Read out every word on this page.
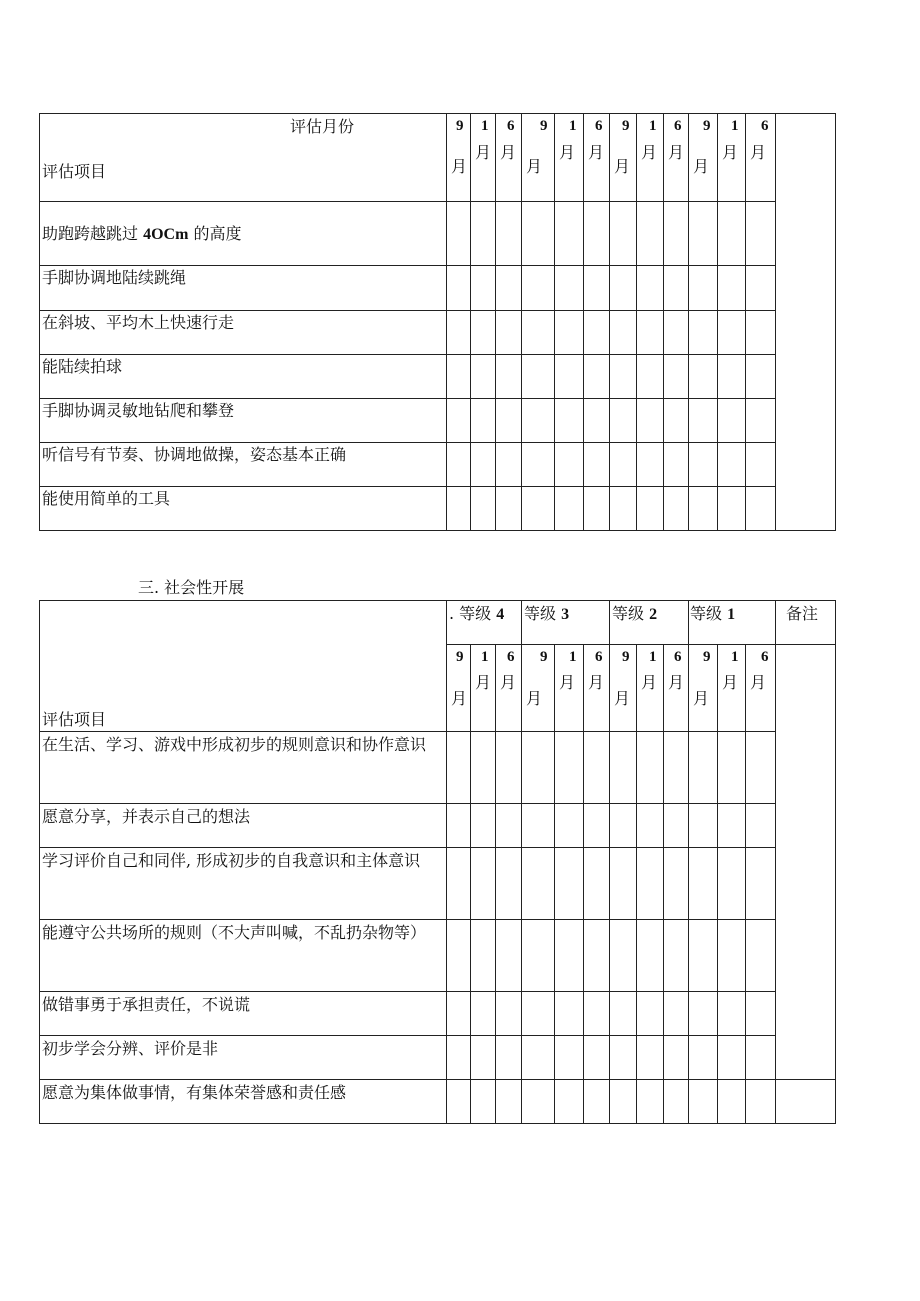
评估月份
评估项目
9
月
1
月
6
月
9
月
1
月
6
月
9
月
1
月
6
月
9
月
1
月
6
月
助跑跨越跳过 4OCm 的高度
手脚协调地陆续跳绳
在斜坡、平均木上快速行走
能陆续拍球
手脚协调灵敏地钻爬和攀登
听信号有节奏、协调地做操，姿态基本正确
能使用简单的工具
三. 社会性开展
. 等级 4 等级 3	等级 2 等级 1	备注
评估项目
9
月
1
月
6
月
9
月
1
月
6
月
9
月
1
月
6
月
9
月
1
月
6
月
在生活、学习、游戏中形成初步的规则意识和协作意识
愿意分享，并表示自己的想法
学习评价自己和同伴, 形成初步的自我意识和主体意识
能遵守公共场所的规则（不大声叫喊，不乱扔杂物等）
做错事勇于承担责任，不说谎
初步学会分辨、评价是非
愿意为集体做事情，有集体荣誉感和责任感
